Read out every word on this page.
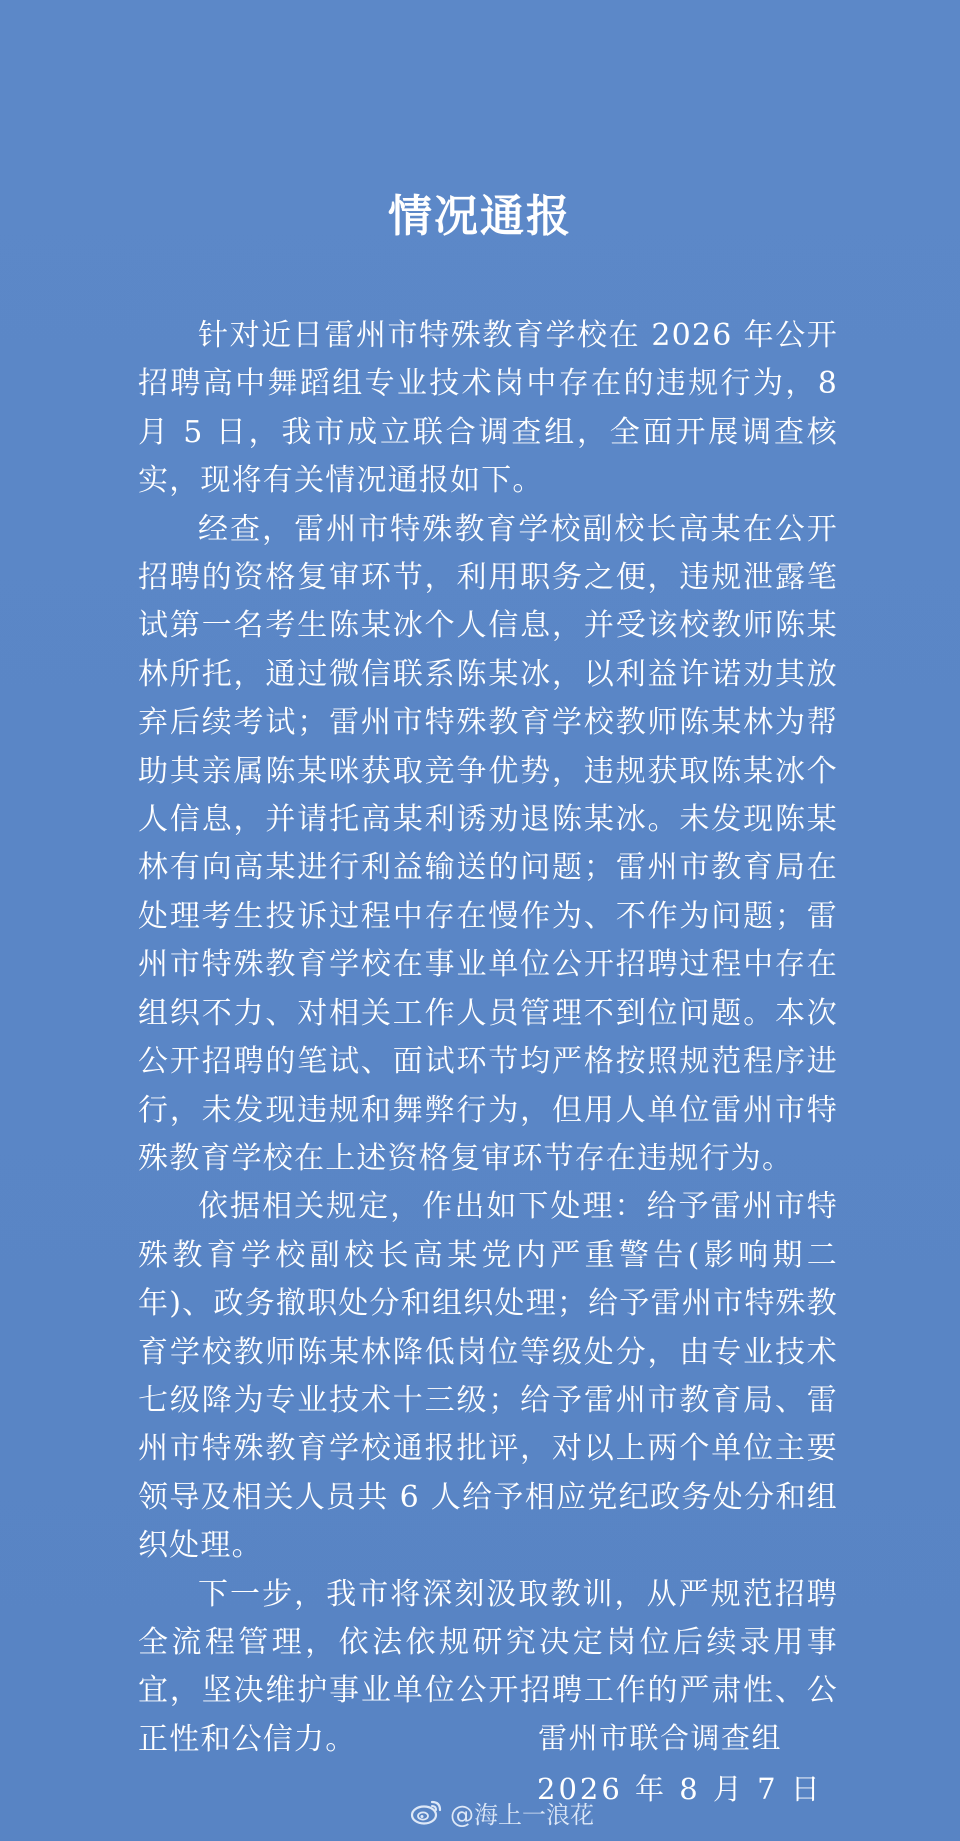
情况通报

针对近日雷州市特殊教育学校在 2026 年公开招聘高中舞蹈组专业技术岗中存在的违规行为，8 月 5 日，我市成立联合调查组，全面开展调查核实，现将有关情况通报如下。

经查，雷州市特殊教育学校副校长高某在公开招聘的资格复审环节，利用职务之便，违规泄露笔试第一名考生陈某冰个人信息，并受该校教师陈某林所托，通过微信联系陈某冰，以利益许诺劝其放弃后续考试；雷州市特殊教育学校教师陈某林为帮助其亲属陈某咪获取竞争优势，违规获取陈某冰个人信息，并请托高某利诱劝退陈某冰。未发现陈某林有向高某进行利益输送的问题；雷州市教育局在处理考生投诉过程中存在慢作为、不作为问题；雷州市特殊教育学校在事业单位公开招聘过程中存在组织不力、对相关工作人员管理不到位问题。本次公开招聘的笔试、面试环节均严格按照规范程序进行，未发现违规和舞弊行为，但用人单位雷州市特殊教育学校在上述资格复审环节存在违规行为。

依据相关规定，作出如下处理：给予雷州市特殊教育学校副校长高某党内严重警告(影响期二年)、政务撤职处分和组织处理；给予雷州市特殊教育学校教师陈某林降低岗位等级处分，由专业技术七级降为专业技术十三级；给予雷州市教育局、雷州市特殊教育学校通报批评，对以上两个单位主要领导及相关人员共 6 人给予相应党纪政务处分和组织处理。

下一步，我市将深刻汲取教训，从严规范招聘全流程管理，依法依规研究决定岗位后续录用事宜，坚决维护事业单位公开招聘工作的严肃性、公正性和公信力。	雷州市联合调查组
2026 年 8 月 7 日
@海上一浪花
